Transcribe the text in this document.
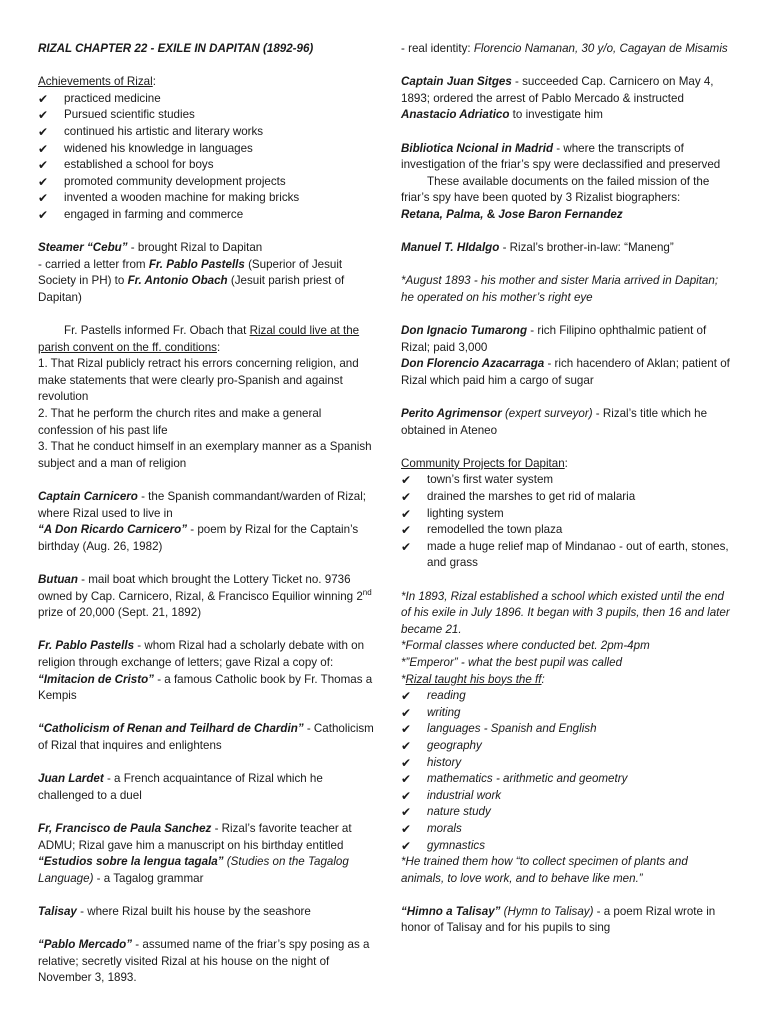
RIZAL CHAPTER 22 - EXILE IN DAPITAN (1892-96)

Achievements of Rizal:

✔ practiced medicine
✔ Pursued scientific studies
✔ continued his artistic and literary works
✔ widened his knowledge in languages
✔ established a school for boys
✔ promoted community development projects
✔ invented a wooden machine for making bricks
✔ engaged in farming and commerce

Steamer “Cebu” - brought Rizal to Dapitan

- carried a letter from Fr. Pablo Pastells (Superior of Jesuit Society in PH) to Fr. Antonio Obach (Jesuit parish priest of Dapitan)

Fr. Pastells informed Fr. Obach that Rizal could live at the parish convent on the ff. conditions:

1. That Rizal publicly retract his errors concerning religion, and make statements that were clearly pro-Spanish and against revolution

2. That he perform the church rites and make a general confession of his past life

3. That he conduct himself in an exemplary manner as a Spanish subject and a man of religion

Captain Carnicero - the Spanish commandant/warden of Rizal; where Rizal used to live in

“A Don Ricardo Carnicero” - poem by Rizal for the Captain’s birthday (Aug. 26, 1982)

Butuan - mail boat which brought the Lottery Ticket no. 9736 owned by Cap. Carnicero, Rizal, & Francisco Equilior winning 2nd prize of 20,000 (Sept. 21, 1892)

Fr. Pablo Pastells - whom Rizal had a scholarly debate with on religion through exchange of letters; gave Rizal a copy of:

“Imitacion de Cristo” - a famous Catholic book by Fr. Thomas a Kempis

“Catholicism of Renan and Teilhard de Chardin” - Catholicism of Rizal that inquires and enlightens

Juan Lardet - a French acquaintance of Rizal which he challenged to a duel

Fr, Francisco de Paula Sanchez - Rizal’s favorite teacher at ADMU; Rizal gave him a manuscript on his birthday entitled

“Estudios sobre la lengua tagala” (Studies on the Tagalog Language) - a Tagalog grammar

Talisay - where Rizal built his house by the seashore

“Pablo Mercado” - assumed name of the friar’s spy posing as a relative; secretly visited Rizal at his house on the night of November 3, 1893.

- real identity: Florencio Namanan, 30 y/o, Cagayan de Misamis

Captain Juan Sitges - succeeded Cap. Carnicero on May 4, 1893; ordered the arrest of Pablo Mercado & instructed Anastacio Adriatico to investigate him

Bibliotica Ncional in Madrid - where the transcripts of investigation of the friar’s spy were declassified and preserved

These available documents on the failed mission of the friar’s spy have been quoted by 3 Rizalist biographers:

Retana, Palma, & Jose Baron Fernandez

Manuel T. HIdalgo - Rizal’s brother-in-law: “Maneng”

*August 1893 - his mother and sister Maria arrived in Dapitan; he operated on his mother’s right eye

Don Ignacio Tumarong - rich Filipino ophthalmic patient of Rizal; paid 3,000

Don Florencio Azacarraga - rich hacendero of Aklan; patient of Rizal which paid him a cargo of sugar

Perito Agrimensor (expert surveyor) - Rizal’s title which he obtained in Ateneo

Community Projects for Dapitan:

✔ town’s first water system
✔ drained the marshes to get rid of malaria
✔ lighting system
✔ remodelled the town plaza
✔ made a huge relief map of Mindanao - out of earth, stones, and grass

*In 1893, Rizal established a school which existed until the end of his exile in July 1896. It began with 3 pupils, then 16 and later became 21.

*Formal classes where conducted bet. 2pm-4pm

*”Emperor” - what the best pupil was called

*Rizal taught his boys the ff:

✔ reading
✔ writing
✔ languages - Spanish and English
✔ geography
✔ history
✔ mathematics - arithmetic and geometry
✔ industrial work
✔ nature study
✔ morals
✔ gymnastics

*He trained them how “to collect specimen of plants and animals, to love work, and to behave like men.”

“Himno a Talisay” (Hymn to Talisay) - a poem Rizal wrote in honor of Talisay and for his pupils to sing
